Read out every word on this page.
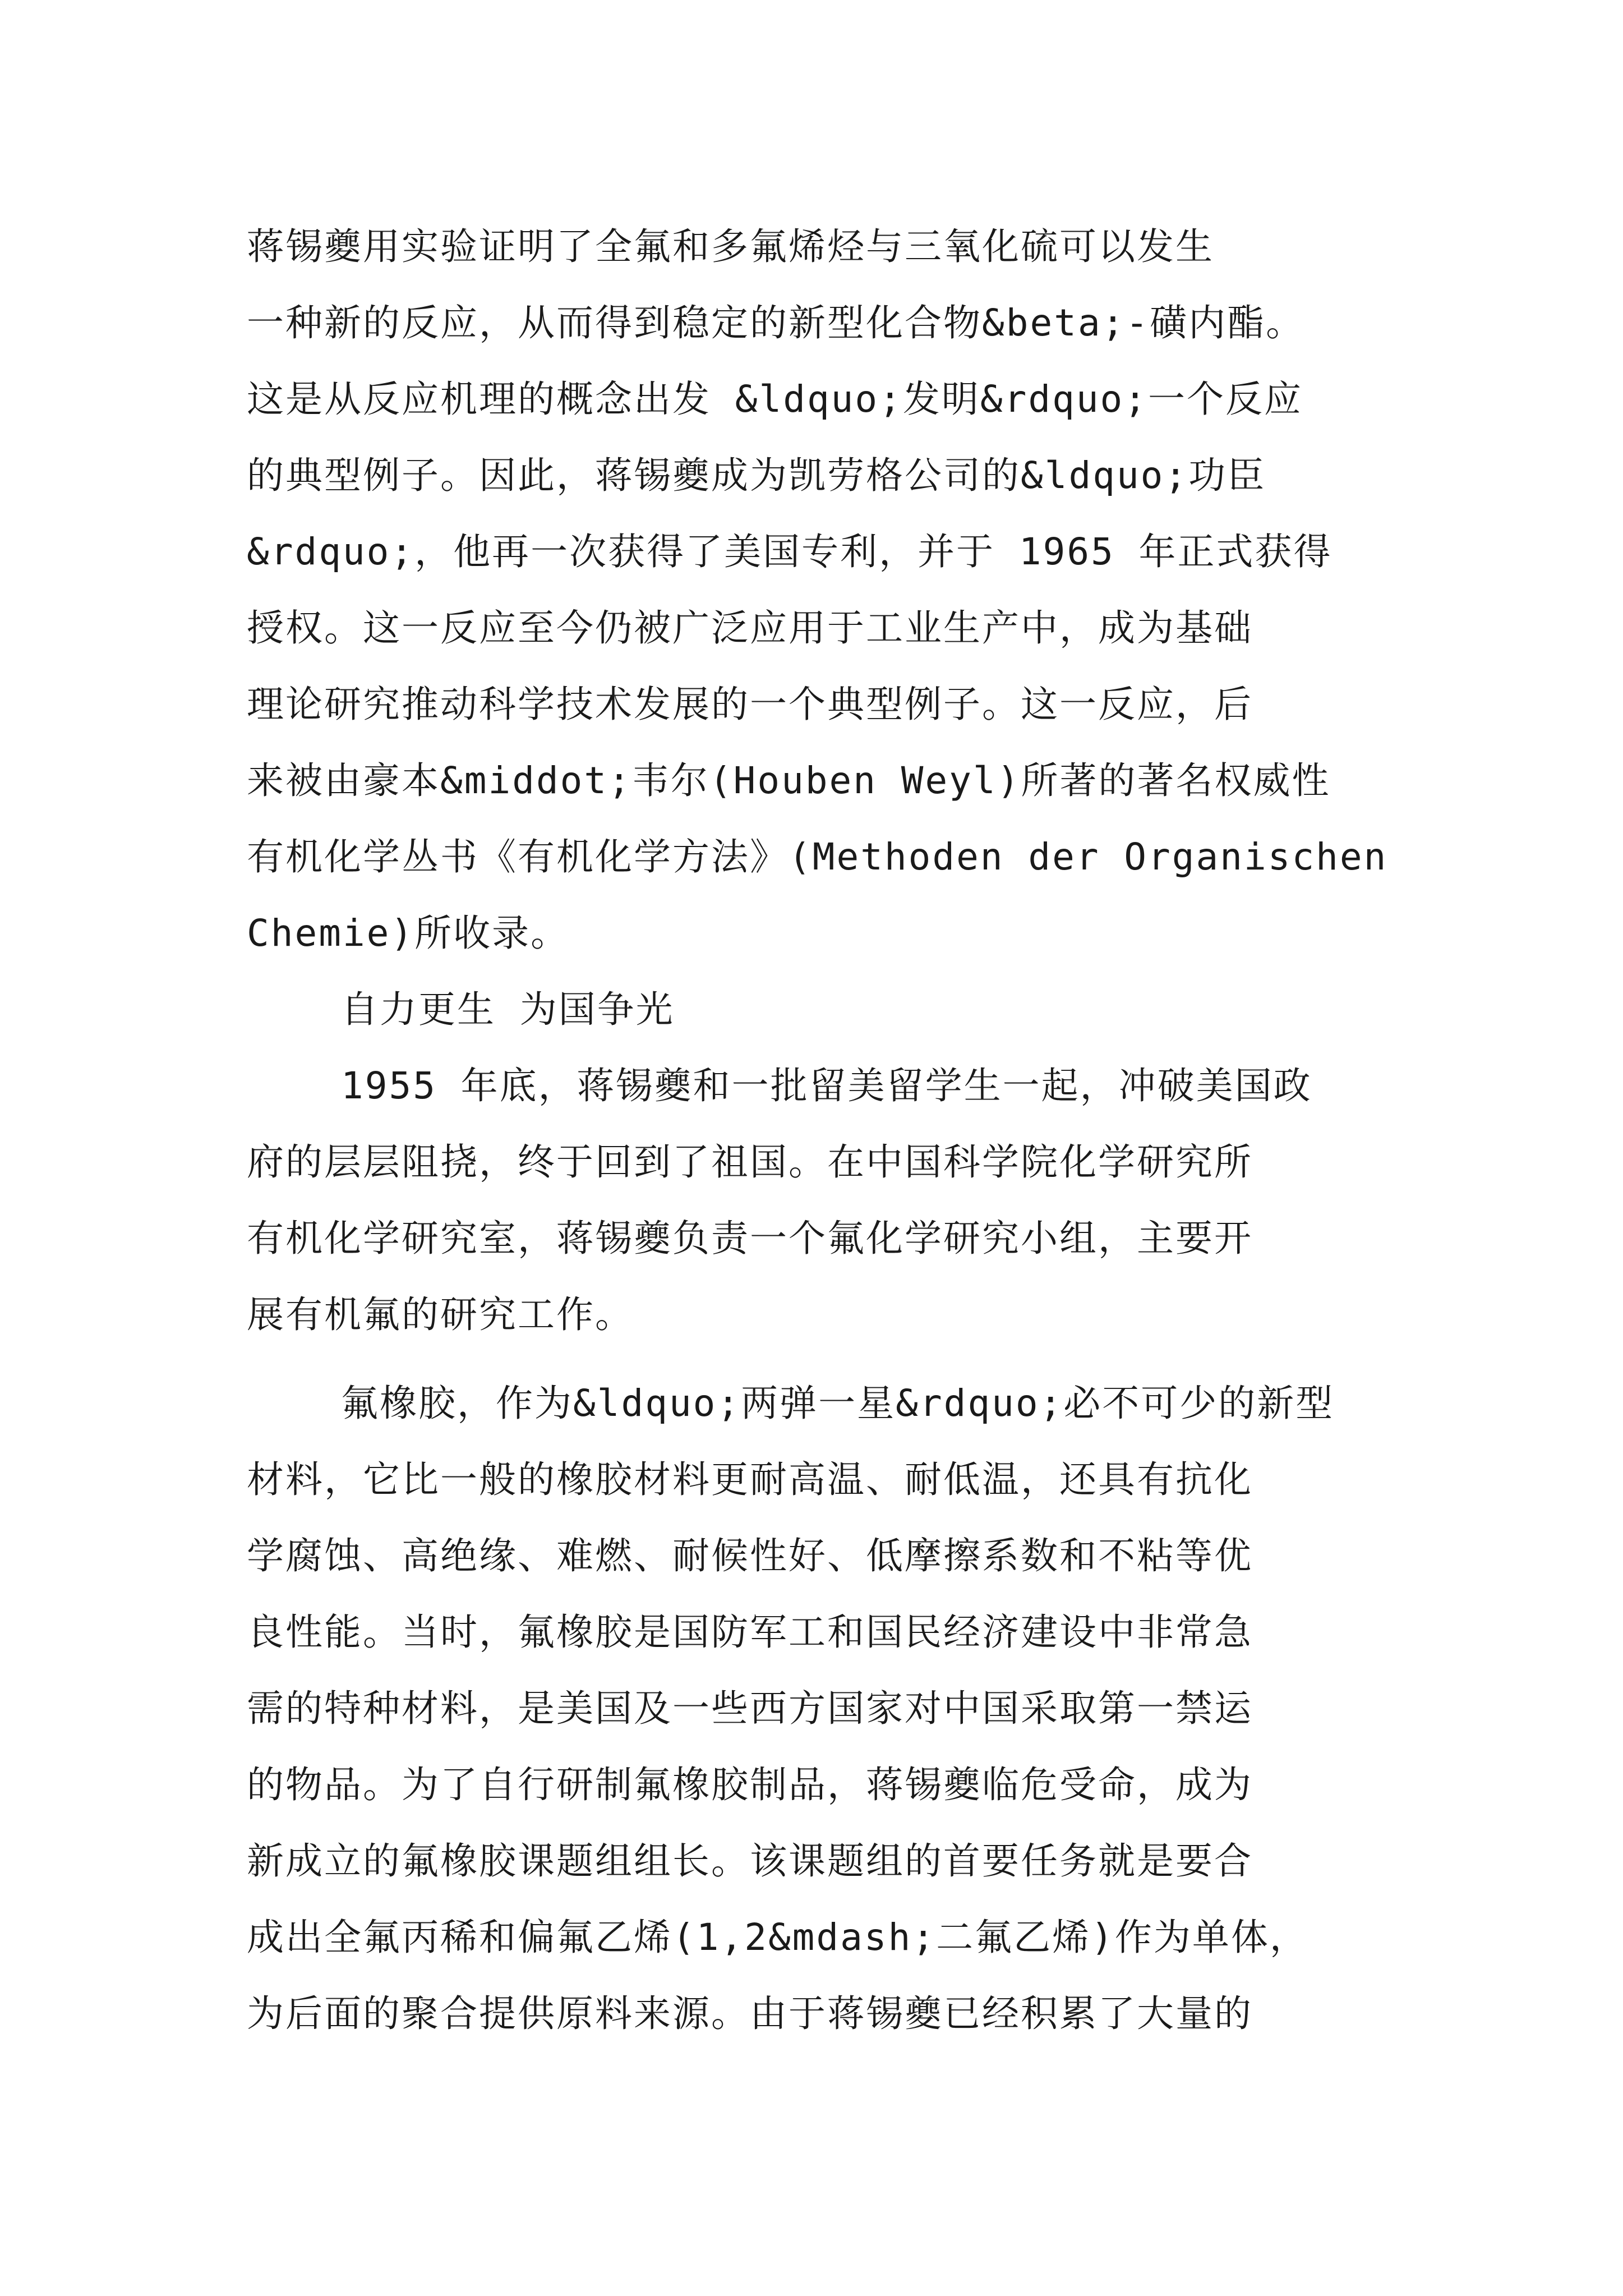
蒋锡夔用实验证明了全氟和多氟烯烃与三氧化硫可以发生
一种新的反应，从而得到稳定的新型化合物&beta;-磺内酯。
这是从反应机理的概念出发 &ldquo;发明&rdquo;一个反应
的典型例子。因此，蒋锡夔成为凯劳格公司的&ldquo;功臣
&rdquo;，他再一次获得了美国专利，并于 1965 年正式获得
授权。这一反应至今仍被广泛应用于工业生产中，成为基础
理论研究推动科学技术发展的一个典型例子。这一反应，后
来被由豪本&middot;韦尔(Houben Weyl)所著的著名权威性
有机化学丛书《有机化学方法》(Methoden der Organischen
Chemie)所收录。
自力更生 为国争光
1955 年底，蒋锡夔和一批留美留学生一起，冲破美国政
府的层层阻挠，终于回到了祖国。在中国科学院化学研究所
有机化学研究室，蒋锡夔负责一个氟化学研究小组，主要开
展有机氟的研究工作。
氟橡胶，作为&ldquo;两弹一星&rdquo;必不可少的新型
材料，它比一般的橡胶材料更耐高温、耐低温，还具有抗化
学腐蚀、高绝缘、难燃、耐候性好、低摩擦系数和不粘等优
良性能。当时，氟橡胶是国防军工和国民经济建设中非常急
需的特种材料，是美国及一些西方国家对中国采取第一禁运
的物品。为了自行研制氟橡胶制品，蒋锡夔临危受命，成为
新成立的氟橡胶课题组组长。该课题组的首要任务就是要合
成出全氟丙稀和偏氟乙烯(1,2&mdash;二氟乙烯)作为单体，
为后面的聚合提供原料来源。由于蒋锡夔已经积累了大量的
